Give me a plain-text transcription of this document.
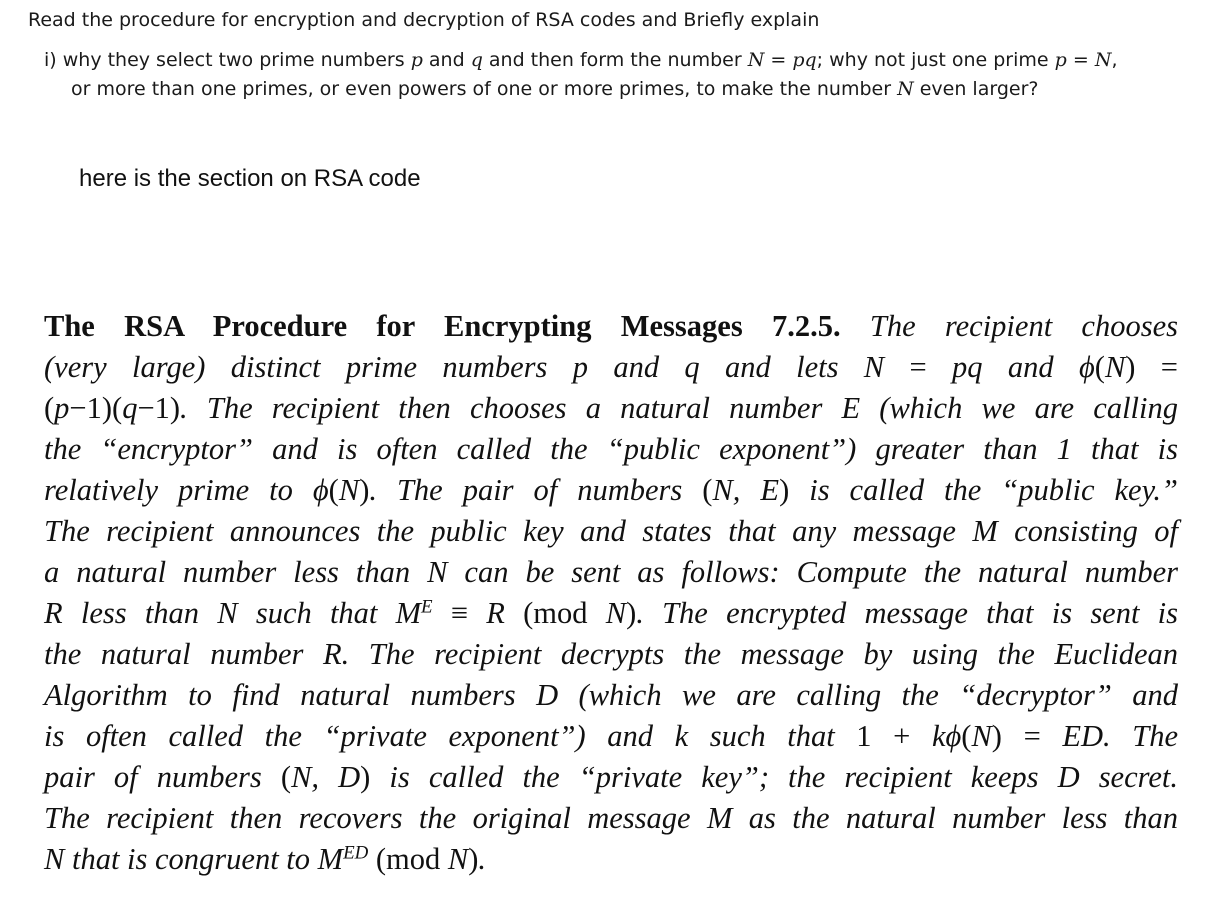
Read the procedure for encryption and decryption of RSA codes and Briefly explain
i) why they select two prime numbers p and q and then form the number N = pq; why not just one prime p = N,
or more than one primes, or even powers of one or more primes, to make the number N even larger?
here is the section on RSA code
The RSA Procedure for Encrypting Messages 7.2.5. The recipient chooses
(very large) distinct prime numbers p and q and lets N = pq and ϕ(N) =
(p−1)(q−1). The recipient then chooses a natural number E (which we are calling
the “encryptor” and is often called the “public exponent”) greater than 1 that is
relatively prime to ϕ(N). The pair of numbers (N, E) is called the “public key.”
The recipient announces the public key and states that any message M consisting of
a natural number less than N can be sent as follows: Compute the natural number
R less than N such that $M^E \equiv R$ (mod N). The encrypted message that is sent is
the natural number R. The recipient decrypts the message by using the Euclidean
Algorithm to find natural numbers D (which we are calling the “decryptor” and
is often called the “private exponent”) and k such that 1 + kϕ(N) = ED. The
pair of numbers (N, D) is called the “private key”; the recipient keeps D secret.
The recipient then recovers the original message M as the natural number less than
N that is congruent to $M^{ED}$ (mod N).
